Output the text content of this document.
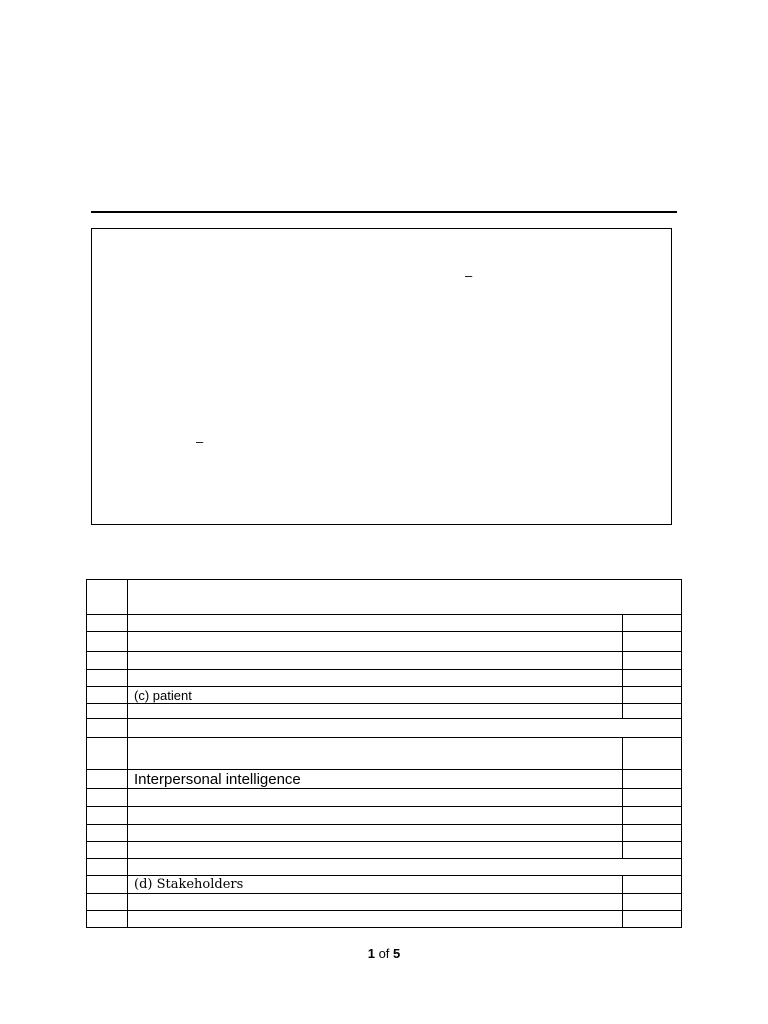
–
–

	(c) patient	

	Interpersonal intelligence	

	(d) Stakeholders	

1 of 5
